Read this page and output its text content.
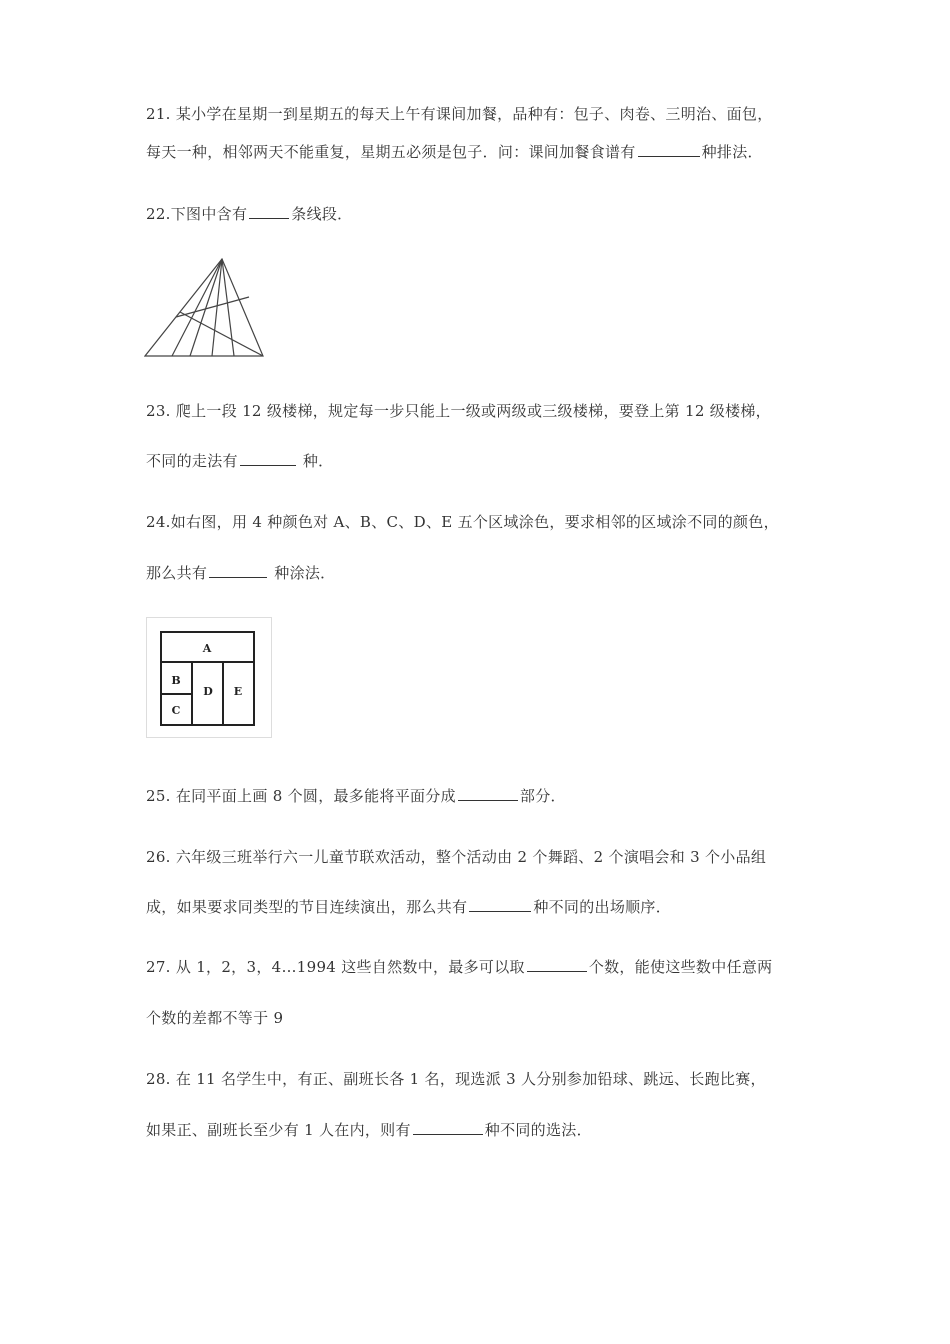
21. 某小学在星期一到星期五的每天上午有课间加餐，品种有：包子、肉卷、三明治、面包，
每天一种，相邻两天不能重复，星期五必须是包子．问：课间加餐食谱有	种排法．
22.下图中含有	条线段．
23. 爬上一段 12 级楼梯，规定每一步只能上一级或两级或三级楼梯，要登上第 12 级楼梯，
不同的走法有	种．
24.如右图，用 4 种颜色对 A、B、C、D、E 五个区域涂色，要求相邻的区域涂不同的颜色，
那么共有	种涂法．
A
B
C
D E
25. 在同平面上画 8 个圆，最多能将平面分成	部分．
26. 六年级三班举行六一儿童节联欢活动，整个活动由 2 个舞蹈、2 个演唱会和 3 个小品组
成，如果要求同类型的节目连续演出，那么共有	种不同的出场顺序．
27. 从 1，2，3，4…1994 这些自然数中，最多可以取	个数，能使这些数中任意两
个数的差都不等于 9
28. 在 11 名学生中，有正、副班长各 1 名，现选派 3 人分别参加铅球、跳远、长跑比赛，
如果正、副班长至少有 1 人在内，则有	种不同的选法．
